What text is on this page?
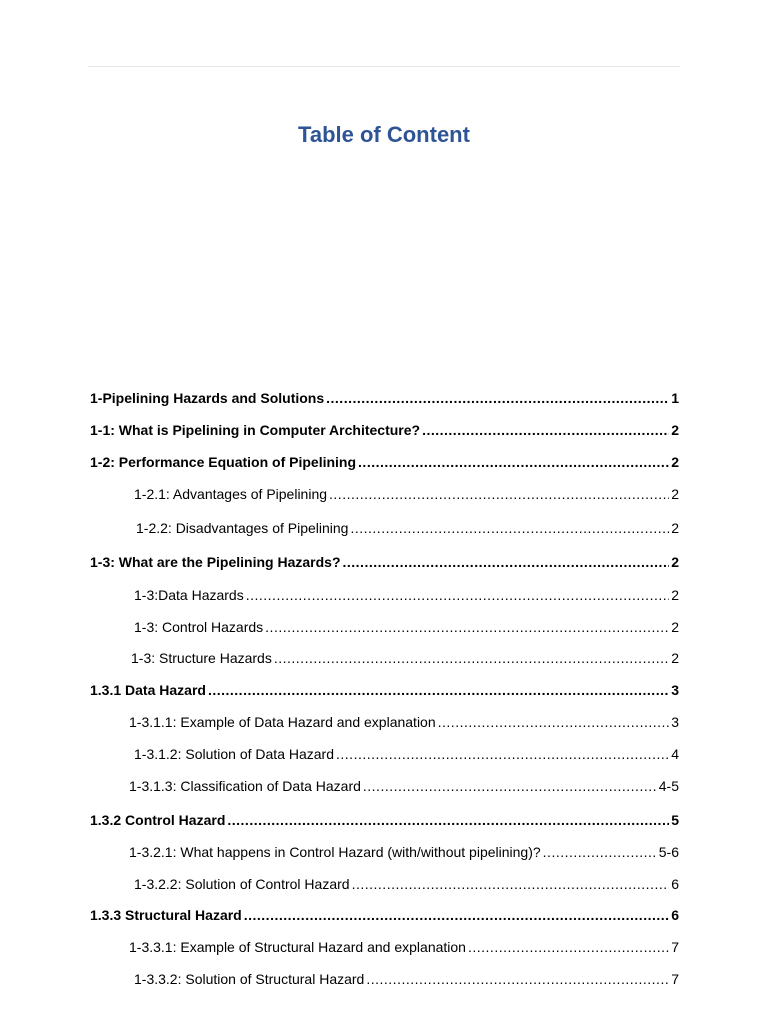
Table of Content
1-Pipelining Hazards and Solutions .....	1
1-1: What is Pipelining in Computer Architecture? .....	2
1-2: Performance Equation of Pipelining .....	2
1-2.1: Advantages of Pipelining .....	2
1-2.2: Disadvantages of Pipelining .....	2
1-3: What are the Pipelining Hazards? .....	2
1-3:Data Hazards .....	2
1-3: Control Hazards .....	2
1-3: Structure Hazards .....	2
1.3.1 Data Hazard .....	3
1-3.1.1: Example of Data Hazard and explanation .....	3
1-3.1.2: Solution of Data Hazard .....	4
1-3.1.3: Classification of Data Hazard .....	4-5
1.3.2 Control Hazard .....	5
1-3.2.1: What happens in Control Hazard (with/without pipelining)? .....	5-6
1-3.2.2: Solution of Control Hazard .....	6
1.3.3 Structural Hazard .....	6
1-3.3.1: Example of Structural Hazard and explanation .....	7
1-3.3.2: Solution of Structural Hazard .....	7
